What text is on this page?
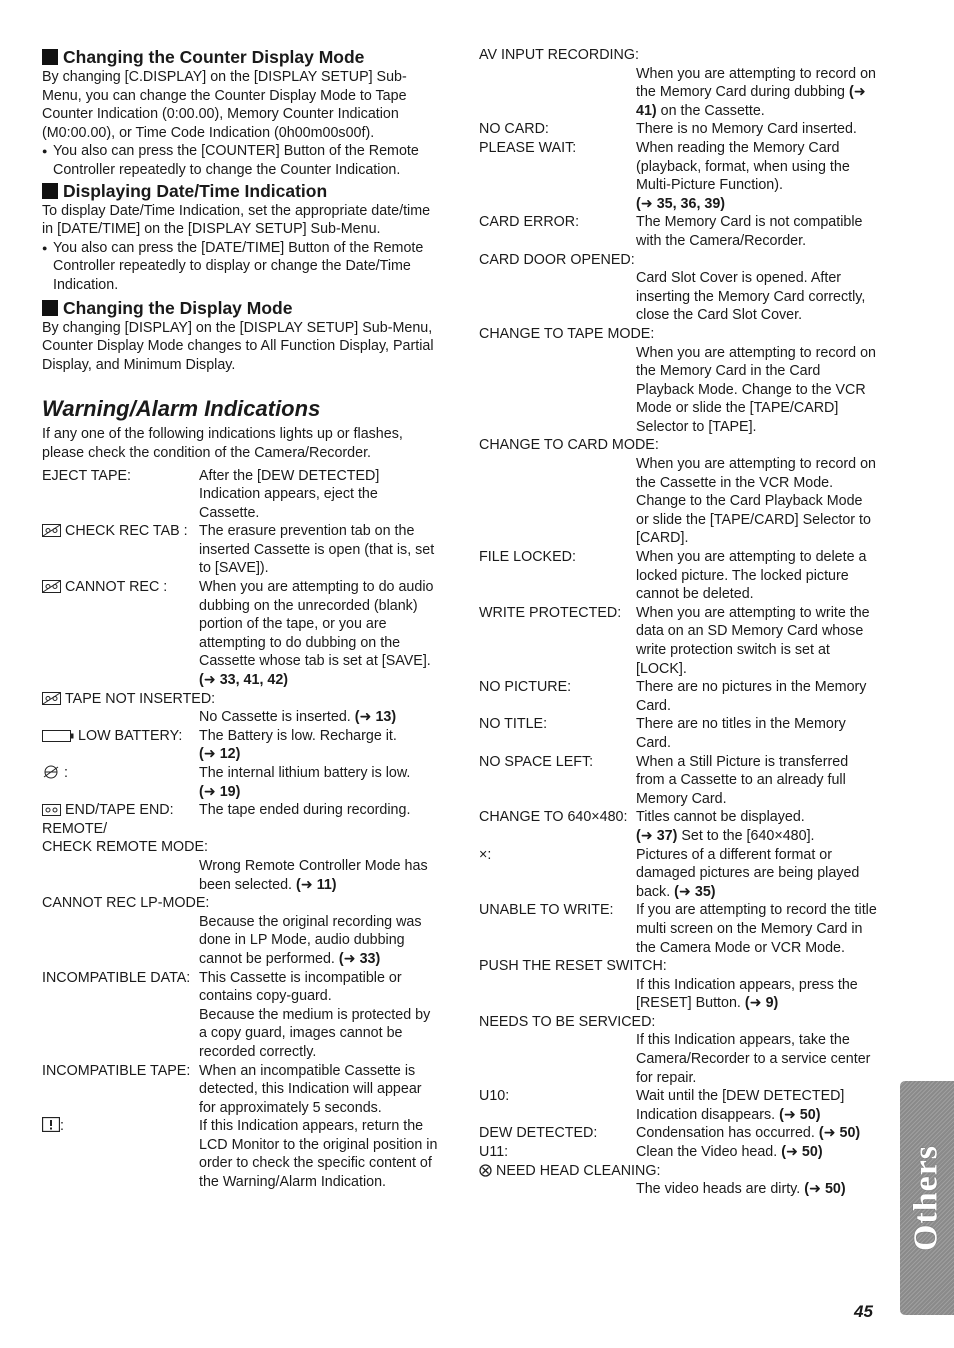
Changing the Counter Display Mode

By changing [C.DISPLAY] on the [DISPLAY SETUP] Sub-Menu, you can change the Counter Display Mode to Tape Counter Indication (0:00.00), Memory Counter Indication (M0:00.00), or Time Code Indication (0h00m00s00f).

● You also can press the [COUNTER] Button of the Remote Controller repeatedly to change the Counter Indication.

Displaying Date/Time Indication

To display Date/Time Indication, set the appropriate date/time in [DATE/TIME] on the [DISPLAY SETUP] Sub-Menu.

● You also can press the [DATE/TIME] Button of the Remote Controller repeatedly to display or change the Date/Time Indication.

Changing the Display Mode

By changing [DISPLAY] on the [DISPLAY SETUP] Sub-Menu, Counter Display Mode changes to All Function Display, Partial Display, and Minimum Display.

Warning/Alarm Indications

If any one of the following indications lights up or flashes, please check the condition of the Camera/Recorder.

EJECT TAPE:	After the [DEW DETECTED] Indication appears, eject the Cassette.
CHECK REC TAB : The erasure prevention tab on the inserted Cassette is open (that is, set to [SAVE]).
CANNOT REC :	When you are attempting to do audio dubbing on the unrecorded (blank) portion of the tape, or you are attempting to do dubbing on the Cassette whose tab is set at [SAVE]. (➜ 33, 41, 42)
TAPE NOT INSERTED:
No Cassette is inserted. (➜ 13)
LOW BATTERY:	The Battery is low. Recharge it.
(➜ 12)
:	The internal lithium battery is low.
(➜ 19)
END/TAPE END:	The tape ended during recording.
REMOTE/
CHECK REMOTE MODE:
Wrong Remote Controller Mode has been selected. (➜ 11)
CANNOT REC LP-MODE:
Because the original recording was done in LP Mode, audio dubbing cannot be performed. (➜ 33)
INCOMPATIBLE DATA: This Cassette is incompatible or contains copy-guard.
Because the medium is protected by a copy guard, images cannot be recorded correctly.
INCOMPATIBLE TAPE: When an incompatible Cassette is detected, this Indication will appear for approximately 5 seconds.
:	If this Indication appears, return the LCD Monitor to the original position in order to check the specific content of the Warning/Alarm Indication.
AV INPUT RECORDING:
When you are attempting to record on the Memory Card during dubbing (➜ 41) on the Cassette.
NO CARD:	There is no Memory Card inserted.
PLEASE WAIT:	When reading the Memory Card (playback, format, when using the Multi-Picture Function).
(➜ 35, 36, 39)
CARD ERROR:	The Memory Card is not compatible with the Camera/Recorder.
CARD DOOR OPENED:
Card Slot Cover is opened. After inserting the Memory Card correctly, close the Card Slot Cover.
CHANGE TO TAPE MODE:
When you are attempting to record on the Memory Card in the Card Playback Mode. Change to the VCR Mode or slide the [TAPE/CARD] Selector to [TAPE].
CHANGE TO CARD MODE:
When you are attempting to record on the Cassette in the VCR Mode. Change to the Card Playback Mode or slide the [TAPE/CARD] Selector to [CARD].
FILE LOCKED:	When you are attempting to delete a locked picture. The locked picture cannot be deleted.
WRITE PROTECTED:	When you are attempting to write the data on an SD Memory Card whose write protection switch is set at [LOCK].
NO PICTURE:	There are no pictures in the Memory Card.
NO TITLE:	There are no titles in the Memory Card.
NO SPACE LEFT:	When a Still Picture is transferred from a Cassette to an already full Memory Card.
CHANGE TO 640×480: Titles cannot be displayed.
(➜ 37) Set to the [640×480].
×:	Pictures of a different format or damaged pictures are being played back. (➜ 35)
UNABLE TO WRITE:	If you are attempting to record the title multi screen on the Memory Card in the Camera Mode or VCR Mode.
PUSH THE RESET SWITCH:
If this Indication appears, press the [RESET] Button. (➜ 9)
NEEDS TO BE SERVICED:
If this Indication appears, take the Camera/Recorder to a service center for repair.
U10:	Wait until the [DEW DETECTED] Indication disappears. (➜ 50)
DEW DETECTED:	Condensation has occurred. (➜ 50)
U11:	Clean the Video head. (➜ 50)
NEED HEAD CLEANING:
The video heads are dirty. (➜ 50)	Others
45
